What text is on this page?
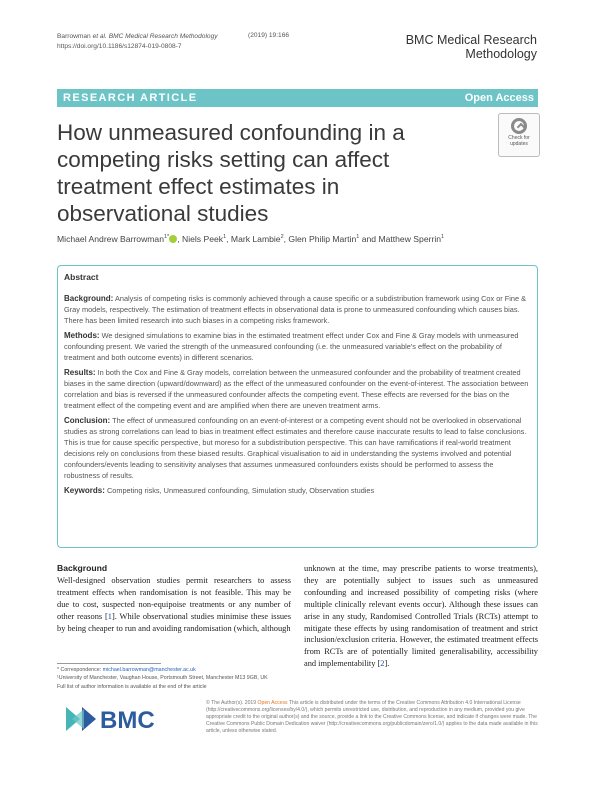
Barrowman et al. BMC Medical Research Methodology
https://doi.org/10.1186/s12874-019-0808-7
(2019) 19:166	BMC Medical Research
Methodology
RESEARCH ARTICLE	Open Access
How unmeasured confounding in a competing risks setting can affect treatment effect estimates in observational studies
Check for
updates
Michael Andrew Barrowman$^{1*}$ , Niels Peek$^1$, Mark Lambie$^2$, Glen Philip Martin$^1$ and Matthew Sperrin$^1$
Abstract

Background: Analysis of competing risks is commonly achieved through a cause specific or a subdistribution framework using Cox or Fine & Gray models, respectively. The estimation of treatment effects in observational data is prone to unmeasured confounding which causes bias. There has been limited research into such biases in a competing risks framework.

Methods: We designed simulations to examine bias in the estimated treatment effect under Cox and Fine & Gray models with unmeasured confounding present. We varied the strength of the unmeasured confounding (i.e. the unmeasured variable's effect on the probability of treatment and both outcome events) in different scenarios.

Results: In both the Cox and Fine & Gray models, correlation between the unmeasured confounder and the probability of treatment created biases in the same direction (upward/downward) as the effect of the unmeasured confounder on the event-of-interest. The association between correlation and bias is reversed if the unmeasured confounder affects the competing event. These effects are reversed for the bias on the treatment effect of the competing event and are amplified when there are uneven treatment arms.

Conclusion: The effect of unmeasured confounding on an event-of-interest or a competing event should not be overlooked in observational studies as strong correlations can lead to bias in treatment effect estimates and therefore cause inaccurate results to lead to false conclusions. This is true for cause specific perspective, but moreso for a subdistribution perspective. This can have ramifications if real-world treatment decisions rely on conclusions from these biased results. Graphical visualisation to aid in understanding the systems involved and potential confounders/events leading to sensitivity analyses that assumes unmeasured confounders exists should be performed to assess the robustness of results.

Keywords: Competing risks, Unmeasured confounding, Simulation study, Observation studies

Background
Well-designed observation studies permit researchers to assess treatment effects when randomisation is not feasible. This may be due to cost, suspected non-equipoise treatments or any number of other reasons [1]. While observational studies minimise these issues by being cheaper to run and avoiding randomisation (which, although
unknown at the time, may prescribe patients to worse treatments), they are potentially subject to issues such as unmeasured confounding and increased possibility of competing risks (where multiple clinically relevant events occur). Although these issues can arise in any study, Randomised Controlled Trials (RCTs) attempt to mitigate these effects by using randomisation of treatment and strict inclusion/exclusion criteria. However, the estimated treatment effects from RCTs are of potentially limited generalisability, accessibility and implementability [2].
* Correspondence: michael.barrowman@manchester.ac.uk
¹University of Manchester, Vaughan House, Portsmouth Street, Manchester M13 9GB, UK
Full list of author information is available at the end of the article
BMC
© The Author(s). 2019 Open Access This article is distributed under the terms of the Creative Commons Attribution 4.0 International License (http://creativecommons.org/licenses/by/4.0/), which permits unrestricted use, distribution, and reproduction in any medium, provided you give appropriate credit to the original author(s) and the source, provide a link to the Creative Commons license, and indicate if changes were made. The Creative Commons Public Domain Dedication waiver (http://creativecommons.org/publicdomain/zero/1.0/) applies to the data made available in this article, unless otherwise stated.
